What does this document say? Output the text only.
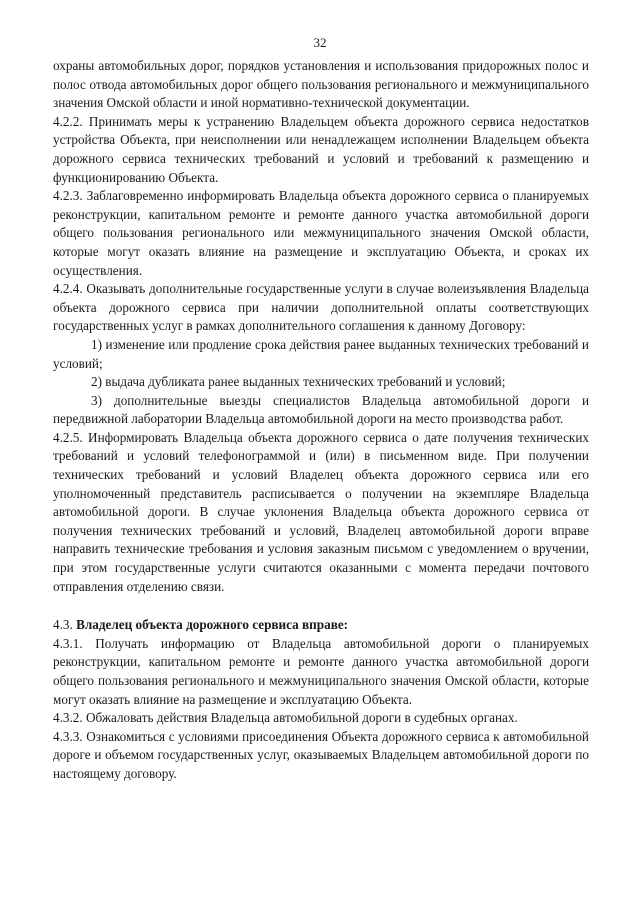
32

охраны автомобильных дорог, порядков установления и использования придорожных полос и полос отвода автомобильных дорог общего пользования регионального и межмуниципального значения Омской области и иной нормативно-технической документации.

4.2.2. Принимать меры к устранению Владельцем объекта дорожного сервиса недостатков устройства Объекта, при неисполнении или ненадлежащем исполнении Владельцем объекта дорожного сервиса технических требований и условий и требований к размещению и функционированию Объекта.

4.2.3. Заблаговременно информировать Владельца объекта дорожного сервиса о планируемых реконструкции, капитальном ремонте и ремонте данного участка автомобильной дороги общего пользования регионального или межмуниципального значения Омской области, которые могут оказать влияние на размещение и эксплуатацию Объекта, и сроках их осуществления.

4.2.4. Оказывать дополнительные государственные услуги в случае волеизъявления Владельца объекта дорожного сервиса при наличии дополнительной оплаты соответствующих государственных услуг в рамках дополнительного соглашения к данному Договору:

1) изменение или продление срока действия ранее выданных технических требований и условий;

2) выдача дубликата ранее выданных технических требований и условий;

3) дополнительные выезды специалистов Владельца автомобильной дороги и передвижной лаборатории Владельца автомобильной дороги на место производства работ.

4.2.5. Информировать Владельца объекта дорожного сервиса о дате получения технических требований и условий телефонограммой и (или) в письменном виде. При получении технических требований и условий Владелец объекта дорожного сервиса или его уполномоченный представитель расписывается о получении на экземпляре Владельца автомобильной дороги. В случае уклонения Владельца объекта дорожного сервиса от получения технических требований и условий, Владелец автомобильной дороги вправе направить технические требования и условия заказным письмом с уведомлением о вручении, при этом государственные услуги считаются оказанными с момента передачи почтового отправления отделению связи.

4.3. Владелец объекта дорожного сервиса вправе:

4.3.1. Получать информацию от Владельца автомобильной дороги о планируемых реконструкции, капитальном ремонте и ремонте данного участка автомобильной дороги общего пользования регионального и межмуниципального значения Омской области, которые могут оказать влияние на размещение и эксплуатацию Объекта.

4.3.2. Обжаловать действия Владельца автомобильной дороги в судебных органах.

4.3.3. Ознакомиться с условиями присоединения Объекта дорожного сервиса к автомобильной дороге и объемом государственных услуг, оказываемых Владельцем автомобильной дороги по настоящему договору.
